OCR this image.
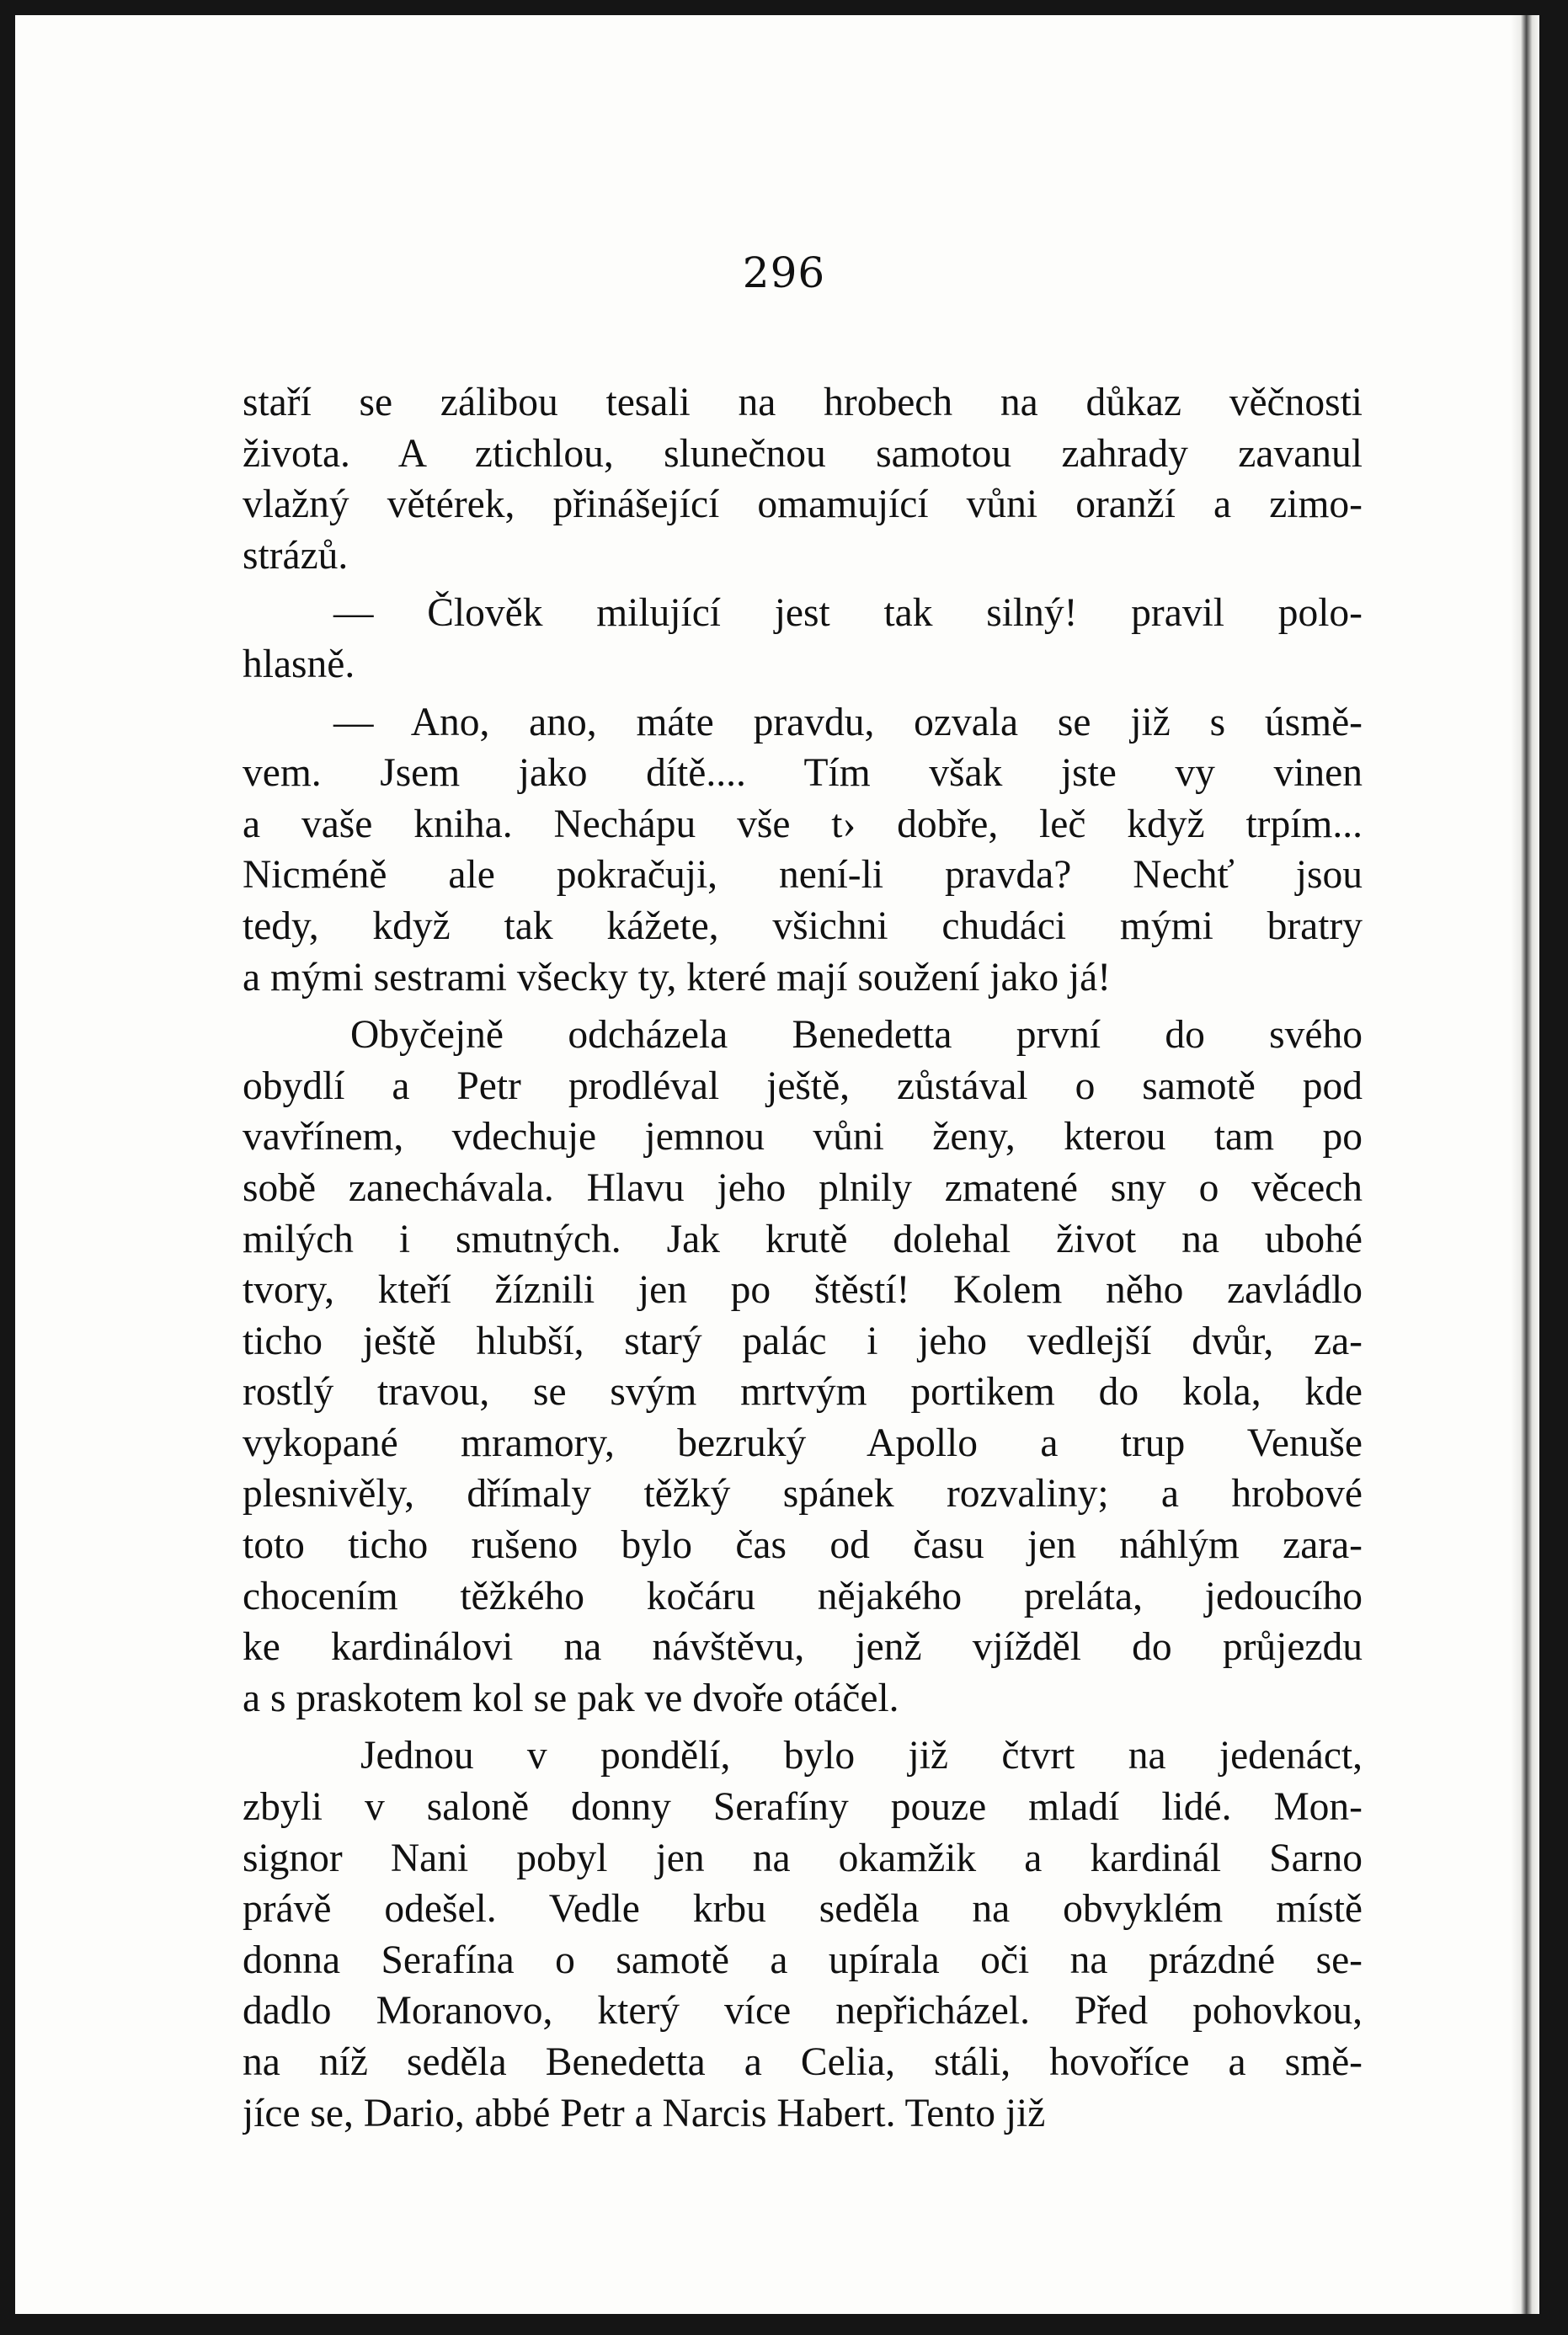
296
staří se zálibou tesali na hrobech na důkaz věčnosti
života. A ztichlou, slunečnou samotou zahrady zavanul
vlažný větérek, přinášející omamující vůni oranží a zimo-
strázů.
— Člověk milující jest tak silný! pravil polo-
hlasně.
— Ano, ano, máte pravdu, ozvala se již s úsmě-
vem. Jsem jako dítě.... Tím však jste vy vinen
a vaše kniha. Nechápu vše t› dobře, leč když trpím...
Nicméně ale pokračuji, není-li pravda? Nechť jsou
tedy, když tak kážete, všichni chudáci mými bratry
a mými sestrami všecky ty, které mají soužení jako já!
Obyčejně odcházela Benedetta první do svého
obydlí a Petr prodléval ještě, zůstával o samotě pod
vavřínem, vdechuje jemnou vůni ženy, kterou tam po
sobě zanechávala. Hlavu jeho plnily zmatené sny o věcech
milých i smutných. Jak krutě dolehal život na ubohé
tvory, kteří žíznili jen po štěstí! Kolem něho zavládlo
ticho ještě hlubší, starý palác i jeho vedlejší dvůr, za-
rostlý travou, se svým mrtvým portikem do kola, kde
vykopané mramory, bezruký Apollo a trup Venuše
plesnivěly, dřímaly těžký spánek rozvaliny; a hrobové
toto ticho rušeno bylo čas od času jen náhlým zara-
chocením těžkého kočáru nějakého preláta, jedoucího
ke kardinálovi na návštěvu, jenž vjížděl do průjezdu
a s praskotem kol se pak ve dvoře otáčel.
Jednou v pondělí, bylo již čtvrt na jedenáct,
zbyli v saloně donny Serafíny pouze mladí lidé. Mon-
signor Nani pobyl jen na okamžik a kardinál Sarno
právě odešel. Vedle krbu seděla na obvyklém místě
donna Serafína o samotě a upírala oči na prázdné se-
dadlo Moranovo, který více nepřicházel. Před pohovkou,
na níž seděla Benedetta a Celia, stáli, hovoříce a smě-
jíce se, Dario, abbé Petr a Narcis Habert. Tento již
